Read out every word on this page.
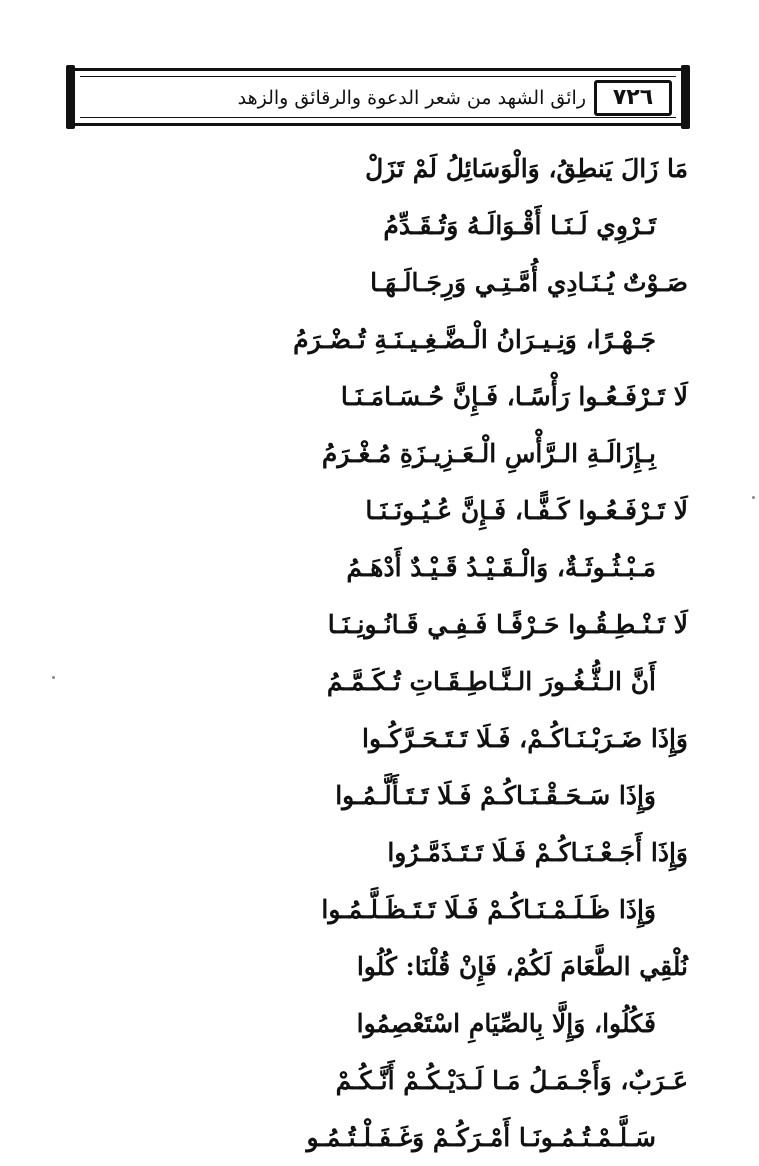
رائق الشهد من شعر الدعوة والرقائق والزهد	٧٢٦
مَا زَالَ يَنطِقُ، وَالْوَسَائِلُ لَمْ تَزَلْ
تَـرْوِي لَـنَـا أَقْـوَالَـهُ وَتُـقَـدِّمُ
صَـوْتٌ يُـنَـادِي أُمَّـتِـي وَرِجَـالَـهَـا
جَـهْـرًا، وَنِـيـرَانُ الْـضَّـغِـيـنَـةِ تُـضْـرَمُ
لَا تَـرْفَـعُـوا رَأْسًـا، فَـإِنَّ حُـسَـامَـنَـا
بِـإِزَالَـةِ الـرَّأْسِ الْـعَـزِيـزَةِ مُـغْـرَمُ
لَا تَـرْفَـعُـوا كَـفًّـا، فَـإِنَّ عُـيُـونَـنَـا
مَـبْـثُـوثَـةٌ، وَالْـقَـيْـدُ قَـيْـدٌ أَدْهَـمُ
لَا تَـنْـطِـقُـوا حَـرْفًـا فَـفِـي قَـانُـونِـنَـا
أَنَّ الـثُّـغُـورَ الـنَّـاطِـقَـاتِ تُـكَـمَّـمُ
وَإِذَا ضَـرَبْـنَـاكُـمْ، فَـلَا تَـتَـحَـرَّكُـوا
وَإِذَا سَـحَـقْـنَـاكُـمْ فَـلَا تَـتَـأَلَّـمُـوا
وَإِذَا أَجَـعْـنَـاكُـمْ فَـلَا تَـتَـذَمَّـرُوا
وَإِذَا ظَـلَـمْـنَـاكُـمْ فَـلَا تَـتَـظَـلَّـمُـوا
نُلْقِي الطَّعَامَ لَكُمْ، فَإِنْ قُلْنَا: كُلُوا
فَكُلُوا، وَإِلَّا بِالصِّيَامِ اسْتَعْصِمُوا
عَـرَبٌ، وَأَجْـمَـلُ مَـا لَـدَيْـكُـمْ أَنَّـكُـمْ
سَـلَّـمْـتُـمُـونَـا أَمْـرَكُـمْ وَغَـفَـلْـتُـمُـو
